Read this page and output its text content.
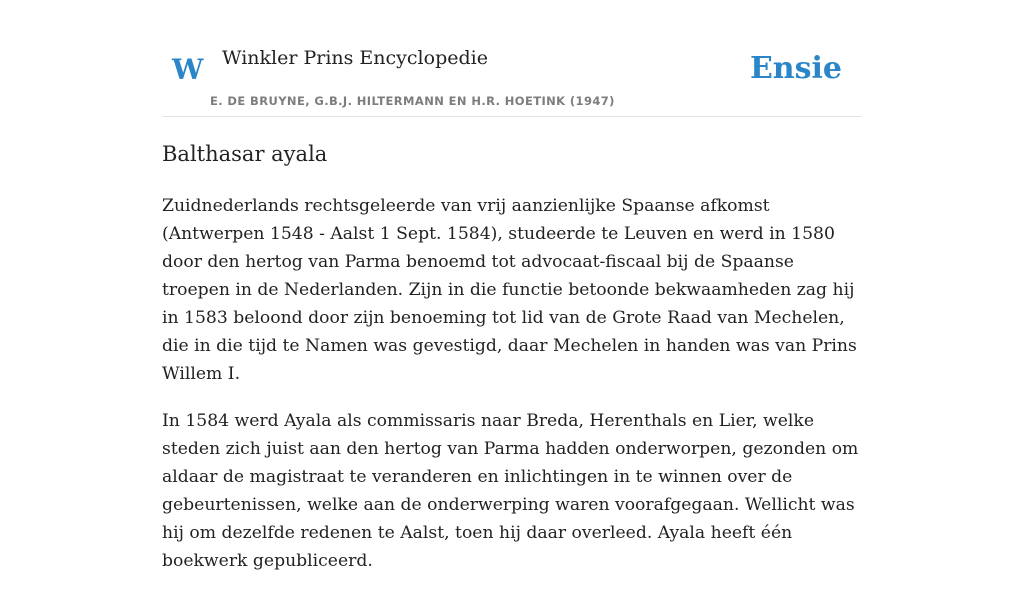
W Winkler Prins Encyclopedie
E. DE BRUYNE, G.B.J. HILTERMANN EN H.R. HOETINK (1947)
Ensie
Balthasar ayala

Zuidnederlands rechtsgeleerde van vrij aanzienlijke Spaanse afkomst (Antwerpen 1548 - Aalst 1 Sept. 1584), studeerde te Leuven en werd in 1580 door den hertog van Parma benoemd tot advocaat-fiscaal bij de Spaanse troepen in de Nederlanden. Zijn in die functie betoonde bekwaamheden zag hij in 1583 beloond door zijn benoeming tot lid van de Grote Raad van Mechelen, die in die tijd te Namen was gevestigd, daar Mechelen in handen was van Prins Willem I.

In 1584 werd Ayala als commissaris naar Breda, Herenthals en Lier, welke steden zich juist aan den hertog van Parma hadden onderworpen, gezonden om aldaar de magistraat te veranderen en inlichtingen in te winnen over de gebeurtenissen, welke aan de onderwerping waren voorafgegaan. Wellicht was hij om dezelfde redenen te Aalst, toen hij daar overleed. Ayala heeft één boekwerk gepubliceerd.
